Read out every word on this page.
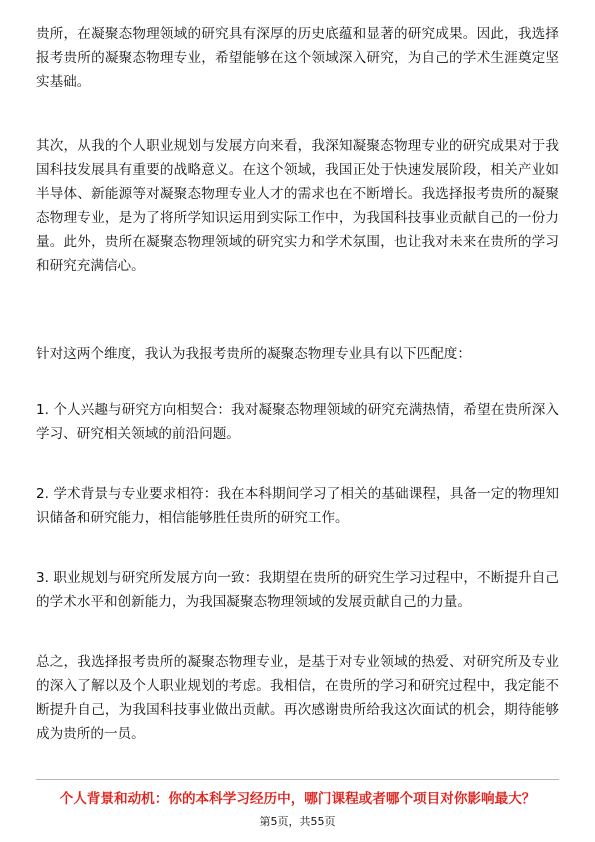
贵所，在凝聚态物理领域的研究具有深厚的历史底蕴和显著的研究成果。因此，我选择报考贵所的凝聚态物理专业，希望能够在这个领域深入研究，为自己的学术生涯奠定坚实基础。

其次，从我的个人职业规划与发展方向来看，我深知凝聚态物理专业的研究成果对于我国科技发展具有重要的战略意义。在这个领域，我国正处于快速发展阶段，相关产业如半导体、新能源等对凝聚态物理专业人才的需求也在不断增长。我选择报考贵所的凝聚态物理专业，是为了将所学知识运用到实际工作中，为我国科技事业贡献自己的一份力量。此外，贵所在凝聚态物理领域的研究实力和学术氛围，也让我对未来在贵所的学习和研究充满信心。

针对这两个维度，我认为我报考贵所的凝聚态物理专业具有以下匹配度：

1. 个人兴趣与研究方向相契合：我对凝聚态物理领域的研究充满热情，希望在贵所深入学习、研究相关领域的前沿问题。

2. 学术背景与专业要求相符：我在本科期间学习了相关的基础课程，具备一定的物理知识储备和研究能力，相信能够胜任贵所的研究工作。

3. 职业规划与研究所发展方向一致：我期望在贵所的研究生学习过程中，不断提升自己的学术水平和创新能力，为我国凝聚态物理领域的发展贡献自己的力量。

总之，我选择报考贵所的凝聚态物理专业，是基于对专业领域的热爱、对研究所及专业的深入了解以及个人职业规划的考虑。我相信，在贵所的学习和研究过程中，我定能不断提升自己，为我国科技事业做出贡献。再次感谢贵所给我这次面试的机会，期待能够成为贵所的一员。

个人背景和动机：你的本科学习经历中，哪门课程或者哪个项目对你影响最大？

第5页，共55页
